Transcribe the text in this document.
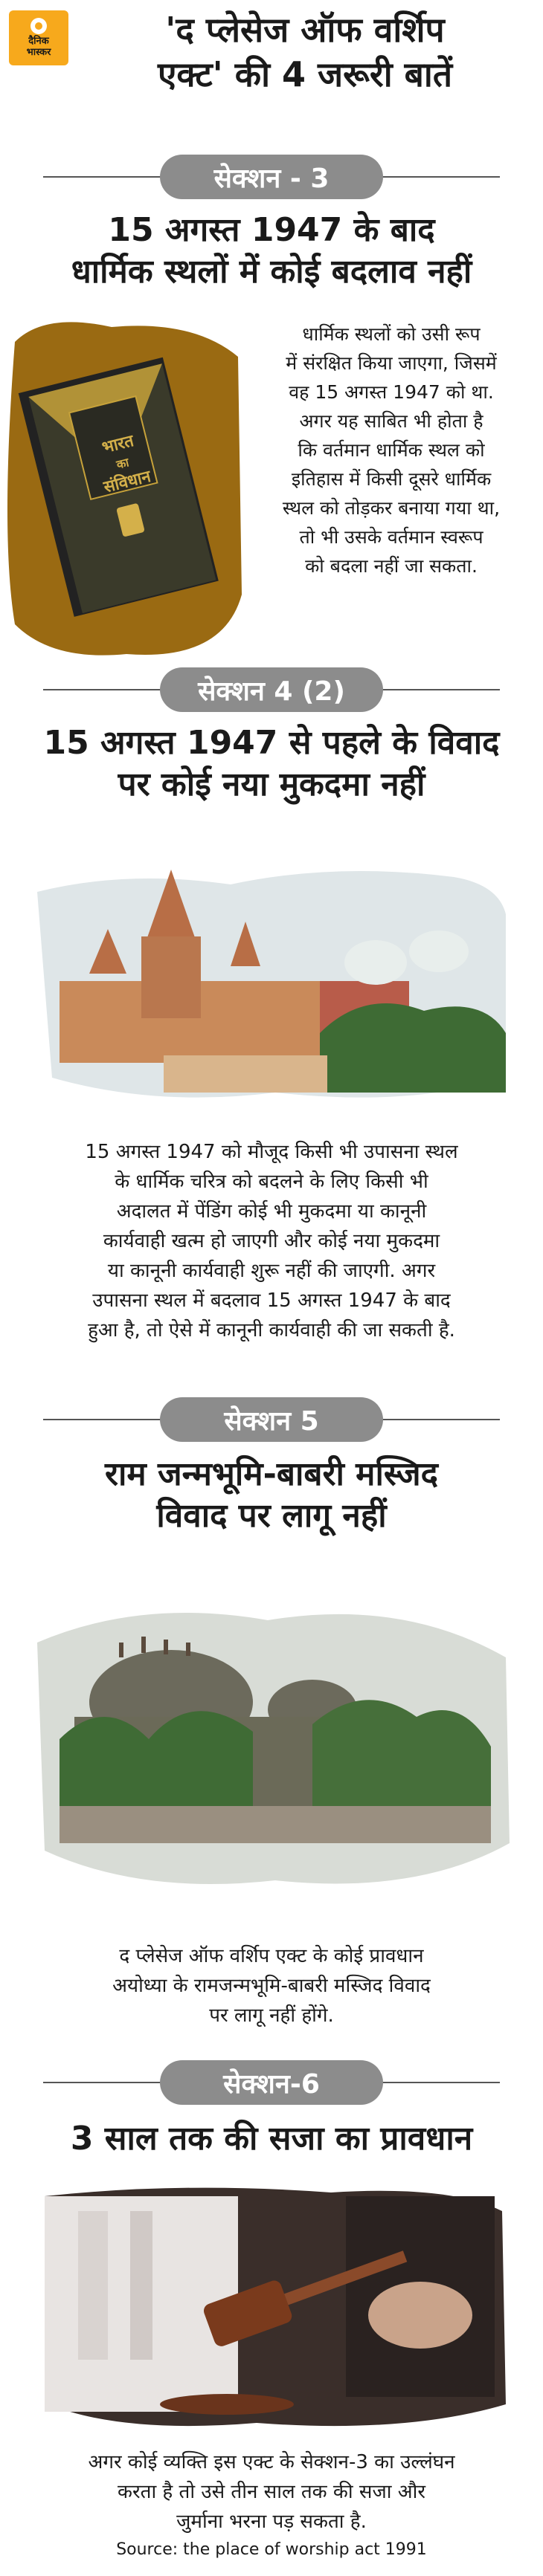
दैनिक
भास्कर
'द प्लेसेज ऑफ वर्शिप
एक्ट' की 4 जरूरी बातें
सेक्शन - 3
15 अगस्त 1947 के बाद
धार्मिक स्थलों में कोई बदलाव नहीं
भारत
का
संविधान
धार्मिक स्थलों को उसी रूप
में संरक्षित किया जाएगा, जिसमें
वह 15 अगस्त 1947 को था.
अगर यह साबित भी होता है
कि वर्तमान धार्मिक स्थल को
इतिहास में किसी दूसरे धार्मिक
स्थल को तोड़कर बनाया गया था,
तो भी उसके वर्तमान स्वरूप
को बदला नहीं जा सकता.
सेक्शन 4 (2)
15 अगस्त 1947 से पहले के विवाद
पर कोई नया मुकदमा नहीं
15 अगस्त 1947 को मौजूद किसी भी उपासना स्थल
के धार्मिक चरित्र को बदलने के लिए किसी भी
अदालत में पेंडिंग कोई भी मुकदमा या कानूनी
कार्यवाही खत्म हो जाएगी और कोई नया मुकदमा
या कानूनी कार्यवाही शुरू नहीं की जाएगी. अगर
उपासना स्थल में बदलाव 15 अगस्त 1947 के बाद
हुआ है, तो ऐसे में कानूनी कार्यवाही की जा सकती है.
सेक्शन 5
राम जन्मभूमि-बाबरी मस्जिद
विवाद पर लागू नहीं
द प्लेसेज ऑफ वर्शिप एक्ट के कोई प्रावधान
अयोध्या के रामजन्मभूमि-बाबरी मस्जिद विवाद
पर लागू नहीं होंगे.
सेक्शन-6
3 साल तक की सजा का प्रावधान
अगर कोई व्यक्ति इस एक्ट के सेक्शन-3 का उल्लंघन
करता है तो उसे तीन साल तक की सजा और
जुर्माना भरना पड़ सकता है.
Source: the place of worship act 1991
